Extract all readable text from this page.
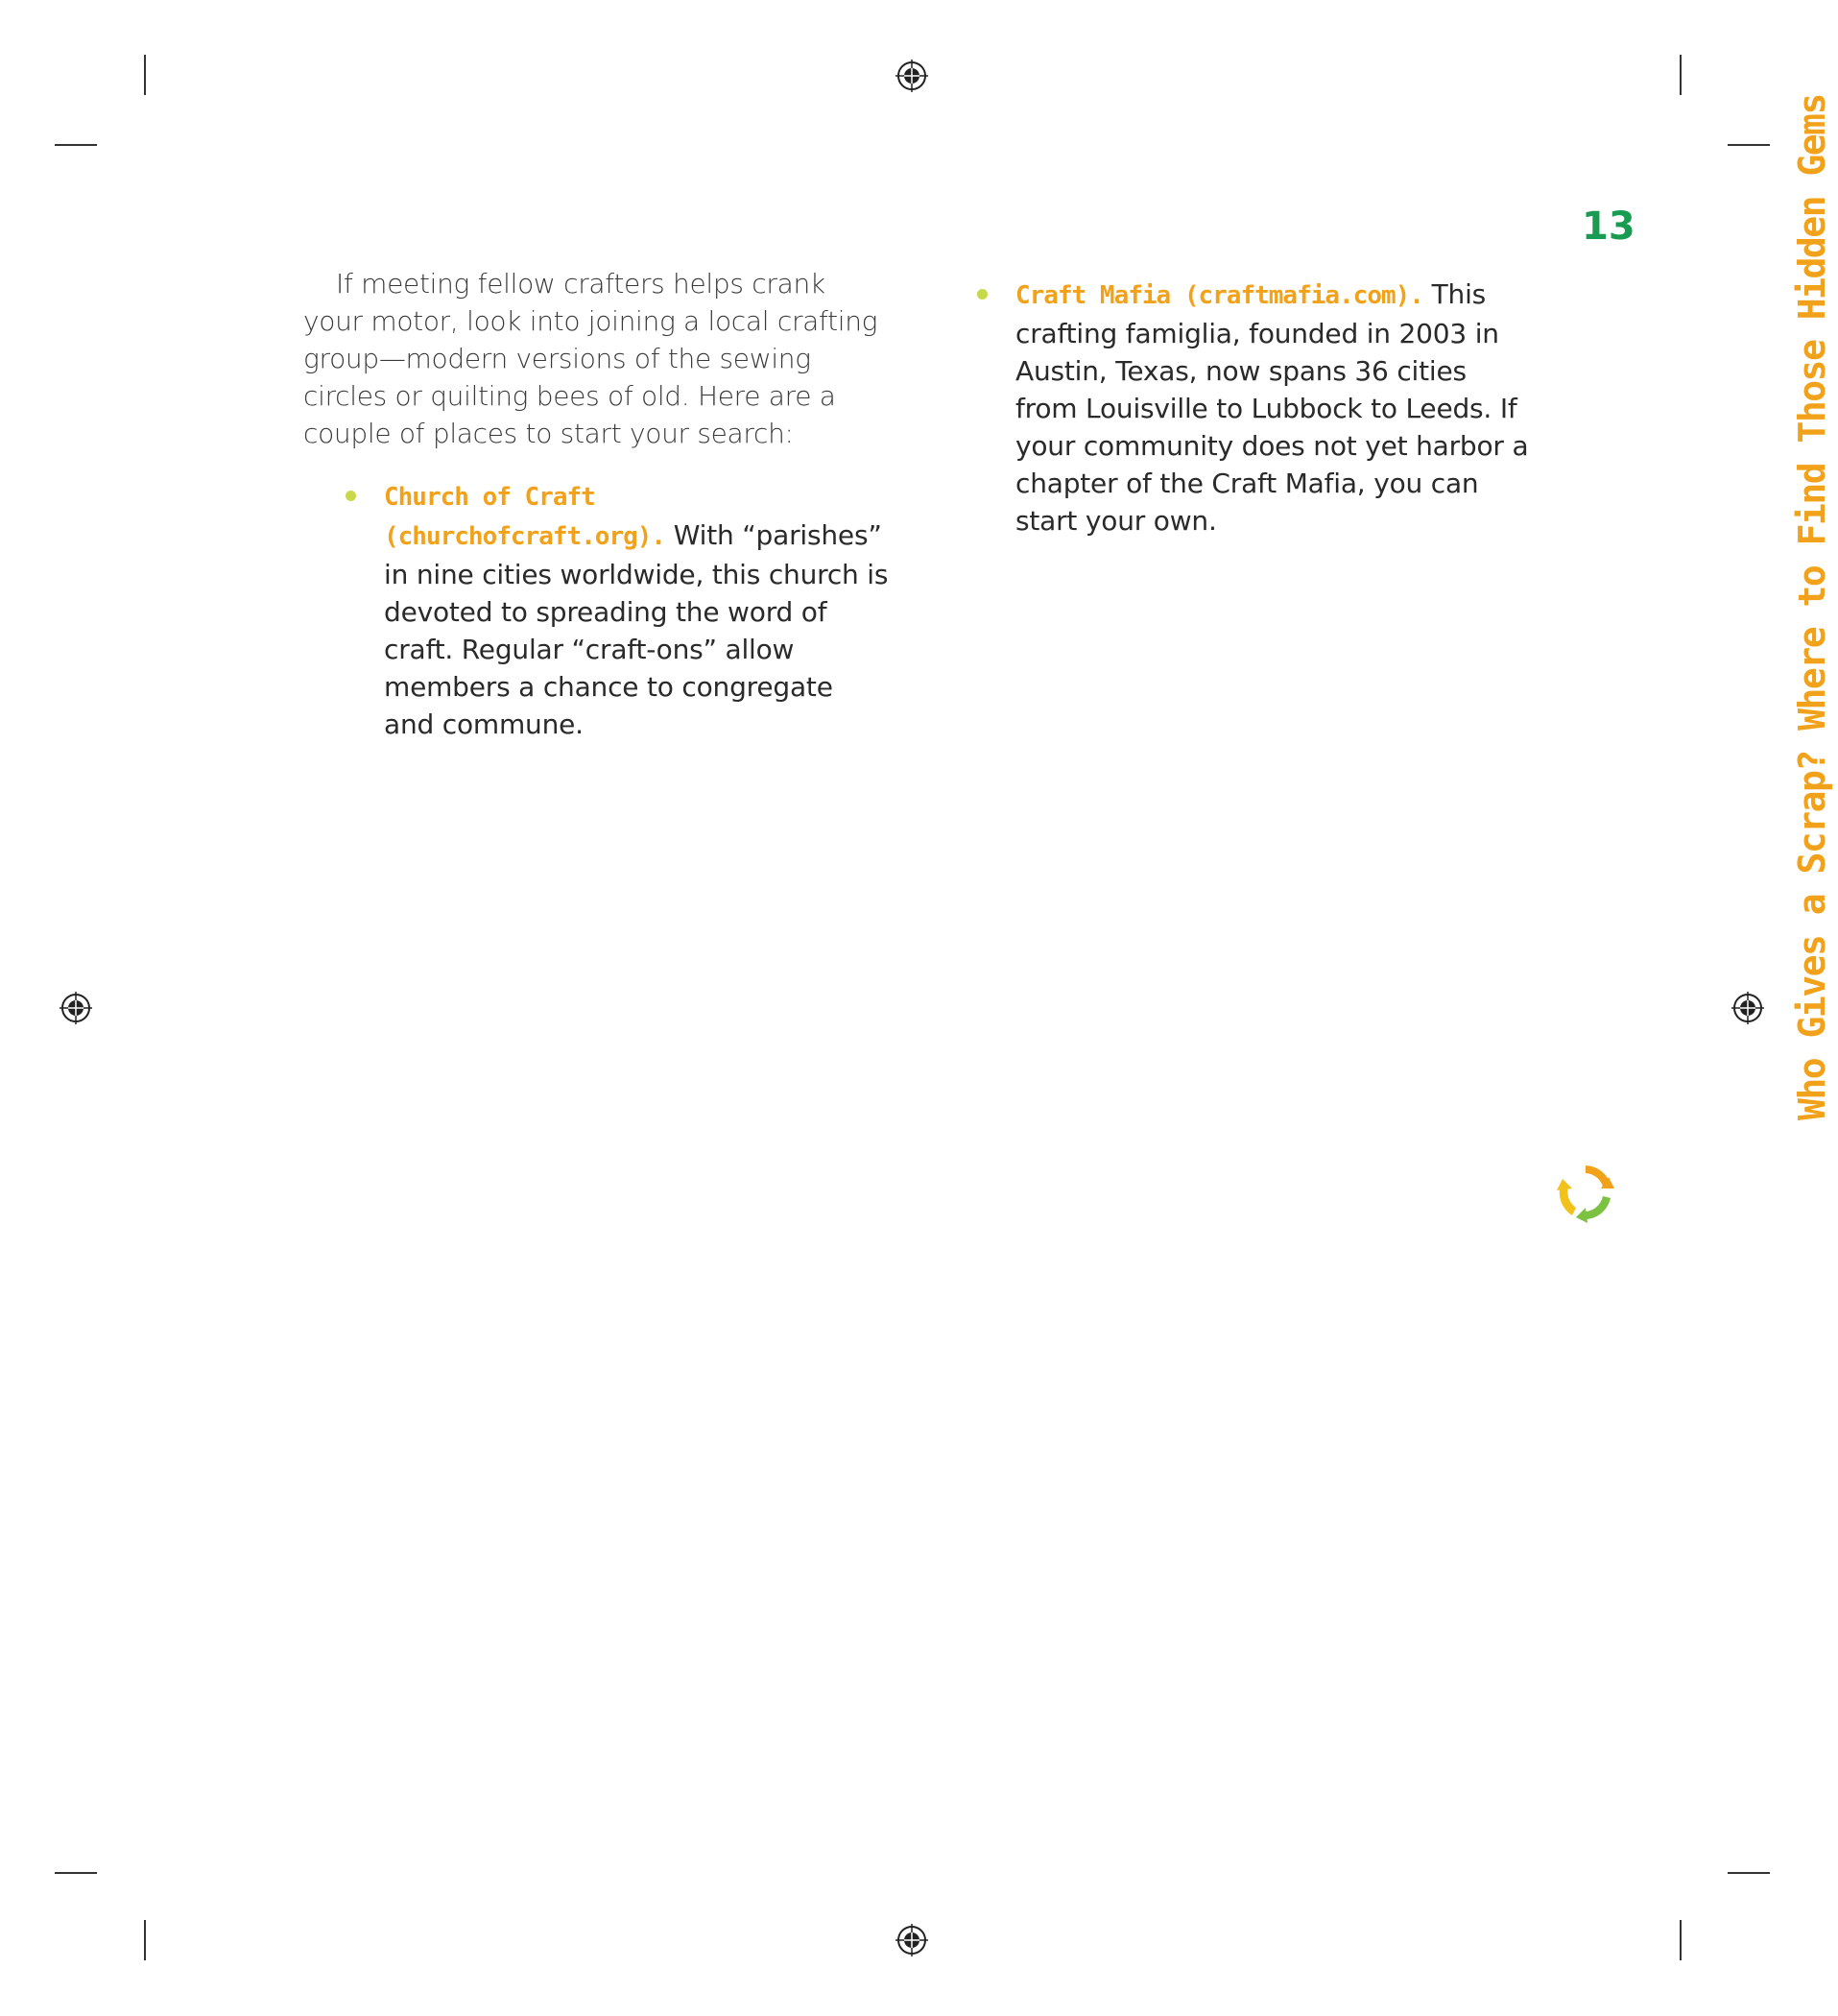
If meeting fellow crafters helps crank your motor, look into joining a local crafting group—modern versions of the sewing circles or quilting bees of old. Here are a couple of places to start your search:

Church of Craft (churchofcraft.org). With “parishes” in nine cities worldwide, this church is devoted to spreading the word of craft. Regular “craft-ons” allow members a chance to congregate and commune.
Craft Mafia (craftmafia.com). This crafting famiglia, founded in 2003 in Austin, Texas, now spans 36 cities from Louisville to Lubbock to Leeds. If your community does not yet harbor a chapter of the Craft Mafia, you can start your own.
13	Who Gives a Scrap? Where to Find Those Hidden Gems
